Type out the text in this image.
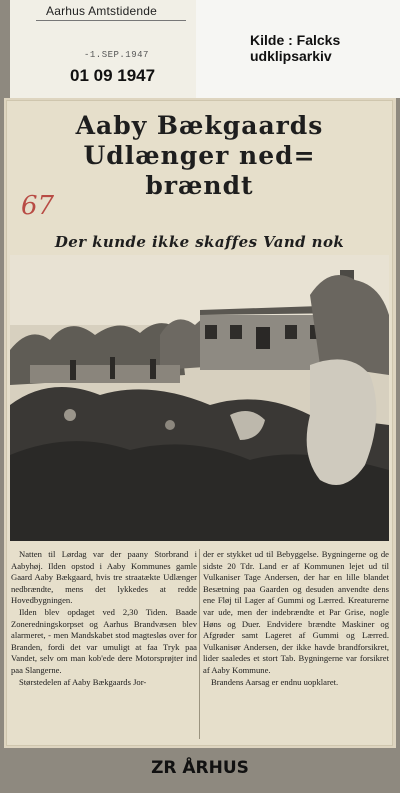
Aarhus Amtstidende
-1.SEP.1947
01 09 1947
Kilde : Falcks
udklipsarkiv
Aaby Bækgaards
Udlænger ned=
brændt
67
Der kunde ikke skaffes Vand nok

Natten til Lørdag var der paany Storbrand i Aabyhøj. Ilden opstod i Aaby Kommunes gamle Gaard Aaby Bækgaard, hvis tre straatækte Udlænger nedbrændte, mens det lykkedes at redde Hovedbygningen.

Ilden blev opdaget ved 2,30 Tiden. Baade Zoneredningskorpset og Aarhus Brandvæsen blev alarmeret, - men Mandskabet stod magtesløs over for Branden, fordi det var umuligt at faa Tryk paa Vandet, selv om man kob'ede dere Motorsprøjter ind paa Slangerne.

Størstedelen af Aaby Bækgaards Jor-

der er stykket ud til Bebyggelse. Bygningerne og de sidste 20 Tdr. Land er af Kommunen lejet ud til Vulkaniser Tage Andersen, der har en lille blandet Besætning paa Gaarden og desuden anvendte dens ene Fløj til Lager af Gummi og Lærred. Kreaturerne var ude, men der indebrændte et Par Grise, nogle Høns og Duer. Endvidere brændte Maskiner og Afgrøder samt Lageret af Gummi og Lærred. Vulkanisør Andersen, der ikke havde brandforsikret, lider saaledes et stort Tab. Bygningerne var forsikret af Aaby Kommune.

Brandens Aarsag er endnu uopklaret.

ZR ÅRHUS
